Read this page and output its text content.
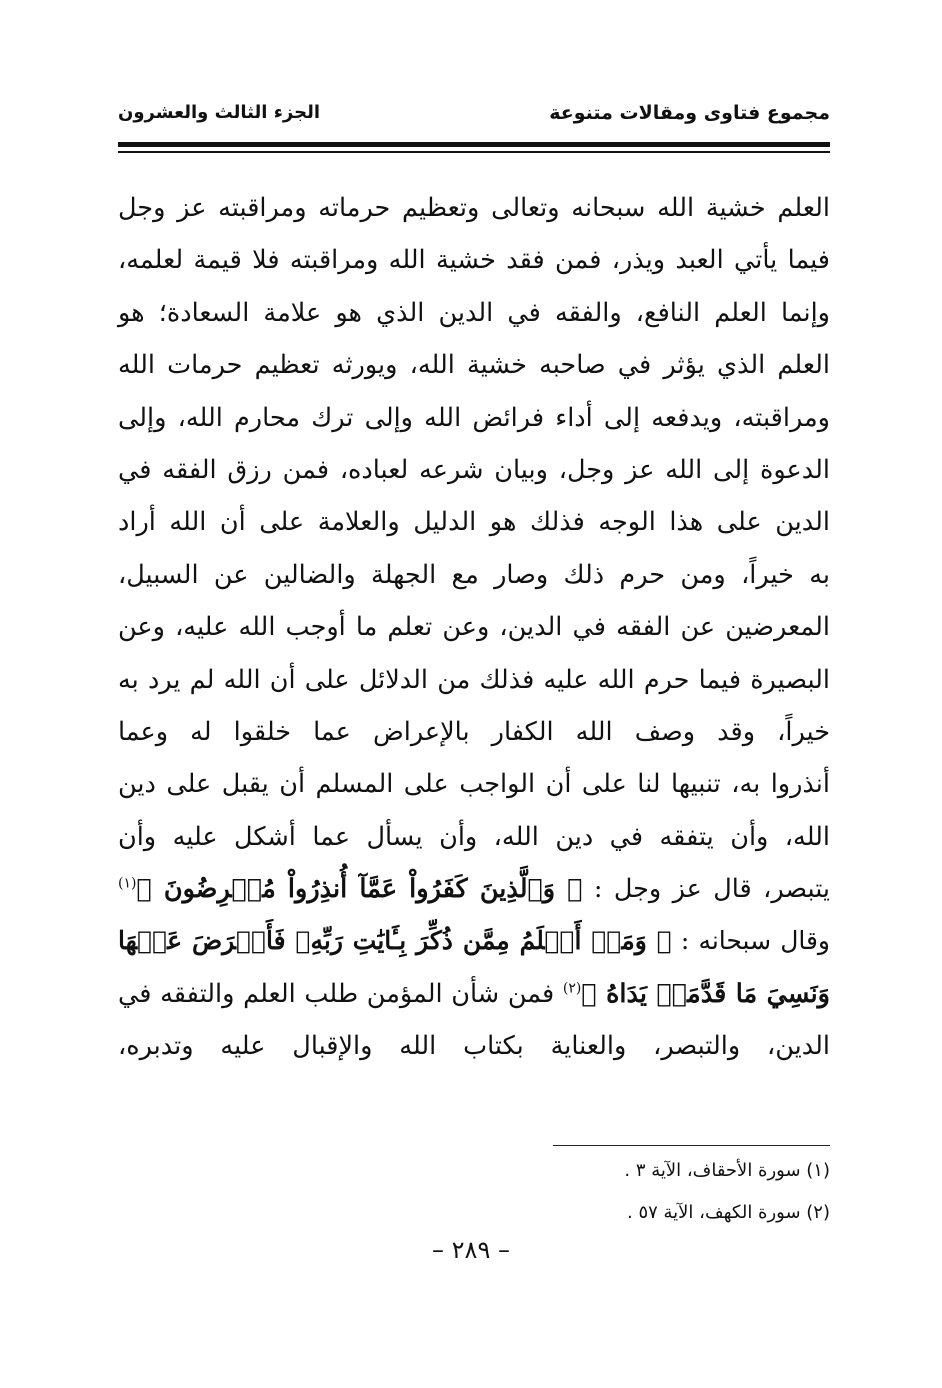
مجموع فتاوى ومقالات متنوعة
الجزء الثالث والعشرون
العلم خشية الله سبحانه وتعالى وتعظيم حرماته ومراقبته عز وجل
فيما يأتي العبد ويذر، فمن فقد خشية الله ومراقبته فلا قيمة لعلمه،
وإنما العلم النافع، والفقه في الدين الذي هو علامة السعادة؛ هو
العلم الذي يؤثر في صاحبه خشية الله، ويورثه تعظيم حرمات الله
ومراقبته، ويدفعه إلى أداء فرائض الله وإلى ترك محارم الله، وإلى
الدعوة إلى الله عز وجل، وبيان شرعه لعباده، فمن رزق الفقه في
الدين على هذا الوجه فذلك هو الدليل والعلامة على أن الله أراد
به خيراً، ومن حرم ذلك وصار مع الجهلة والضالين عن السبيل،
المعرضين عن الفقه في الدين، وعن تعلم ما أوجب الله عليه، وعن
البصيرة فيما حرم الله عليه فذلك من الدلائل على أن الله لم يرد به
خيراً، وقد وصف الله الكفار بالإعراض عما خلقوا له وعما
أنذروا به، تنبيها لنا على أن الواجب على المسلم أن يقبل على دين
الله، وأن يتفقه في دين الله، وأن يسأل عما أشكل عليه وأن
يتبصر، قال عز وجل : ﴿ وَٱلَّذِينَ كَفَرُواْ عَمَّآ أُنذِرُواْ مُعۡرِضُونَ ﴾$^{(١)}$
وقال سبحانه : ﴿ وَمَنۡ أَظۡلَمُ مِمَّن ذُكِّرَ بِـَٔايَٰتِ رَبِّهِۦ فَأَعۡرَضَ عَنۡهَا
وَنَسِيَ مَا قَدَّمَتۡ يَدَاهُ ﴾$^{(٢)}$ فمن شأن المؤمن طلب العلم والتفقه في
الدين، والتبصر، والعناية بكتاب الله والإقبال عليه وتدبره،
(١) سورة الأحقاف، الآية ٣ .
(٢) سورة الكهف، الآية ٥٧ .
– ٢٨٩ –
